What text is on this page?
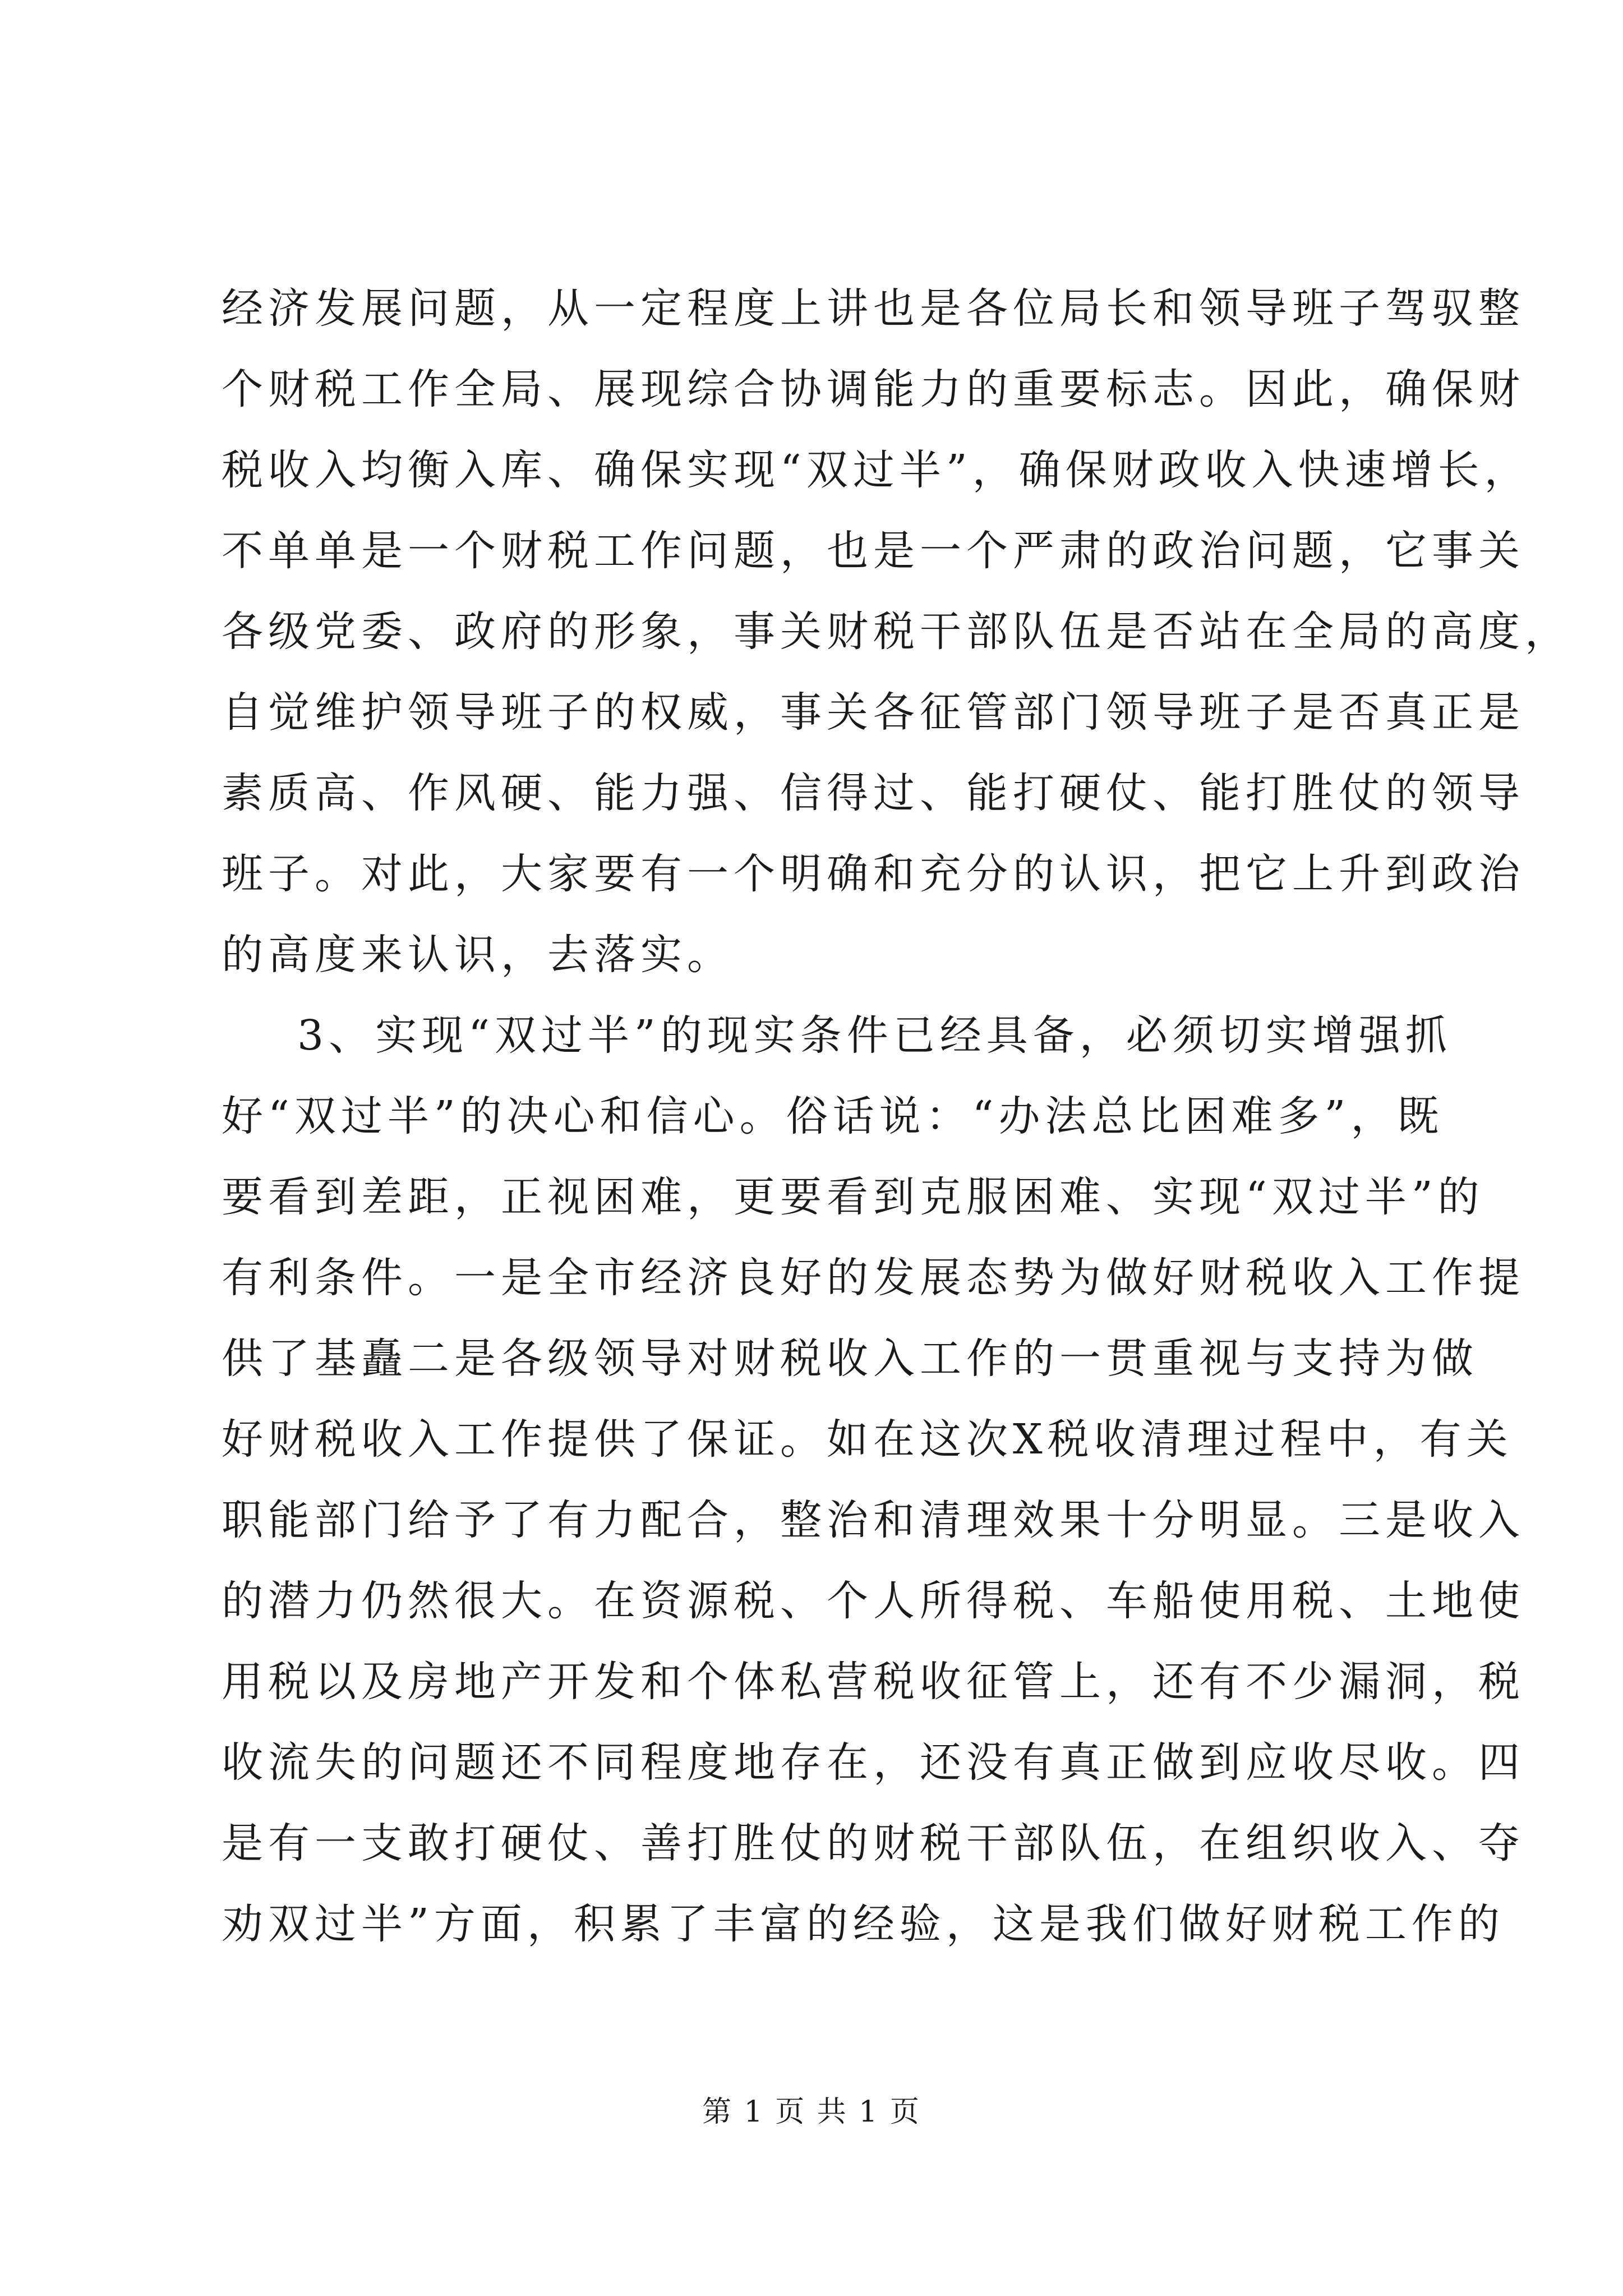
经济发展问题，从一定程度上讲也是各位局长和领导班子驾驭整
个财税工作全局、展现综合协调能力的重要标志。因此，确保财
税收入均衡入库、确保实现“双过半”，确保财政收入快速增长，
不单单是一个财税工作问题，也是一个严肃的政治问题，它事关
各级党委、政府的形象，事关财税干部队伍是否站在全局的高度，
自觉维护领导班子的权威，事关各征管部门领导班子是否真正是
素质高、作风硬、能力强、信得过、能打硬仗、能打胜仗的领导
班子。对此，大家要有一个明确和充分的认识，把它上升到政治
的高度来认识，去落实。
3、实现“双过半”的现实条件已经具备，必须切实增强抓
好“双过半”的决心和信心。俗话说：“办法总比困难多”，既
要看到差距，正视困难，更要看到克服困难、实现“双过半”的
有利条件。一是全市经济良好的发展态势为做好财税收入工作提
供了基矗二是各级领导对财税收入工作的一贯重视与支持为做
好财税收入工作提供了保证。如在这次X税收清理过程中，有关
职能部门给予了有力配合，整治和清理效果十分明显。三是收入
的潜力仍然很大。在资源税、个人所得税、车船使用税、土地使
用税以及房地产开发和个体私营税收征管上，还有不少漏洞，税
收流失的问题还不同程度地存在，还没有真正做到应收尽收。四
是有一支敢打硬仗、善打胜仗的财税干部队伍，在组织收入、夺
劝双过半”方面，积累了丰富的经验，这是我们做好财税工作的
第 1 页 共 1 页
